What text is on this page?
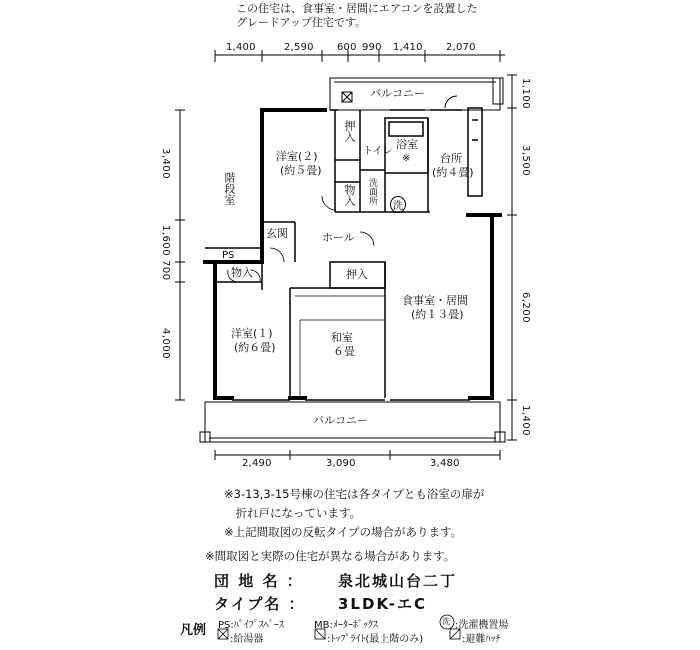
この住宅は、食事室・居間にエアコンを設置した
グレードアップ住宅です。
1,400	2,590 600 990 1,410 2,070
2,490	3,090	3,480
1,100
3,500
6,200
1,400
3,400
1,600
700
4,000
バルコニー
洋室(２)
(約５畳)
押入
トイレ
浴室
※	台所
(約４畳)
階段室	物入 洗面所
洗
玄関	ホール
PS
物入	押入
食事室・居間
(約１３畳)
洋室(１)
(約６畳)
和室
６畳
バルコニー
※3-13,3-15号棟の住宅は各タイプとも浴室の扉が
　折れ戸になっています。
※上記間取図の反転タイプの場合があります。
※間取図と実際の住宅が異なる場合があります。
団 地 名 ： 泉北城山台二丁
タイプ名 ： 3LDK-エC
凡例 PS:ﾊﾟｲﾌﾟｽﾍﾟｰｽ	MB:ﾒｰﾀｰﾎﾞｯｸｽ	洗 :洗濯機置場
:給湯器	:ﾄｯﾌﾟﾗｲﾄ(最上階のみ)	:避難ﾊｯﾁ
